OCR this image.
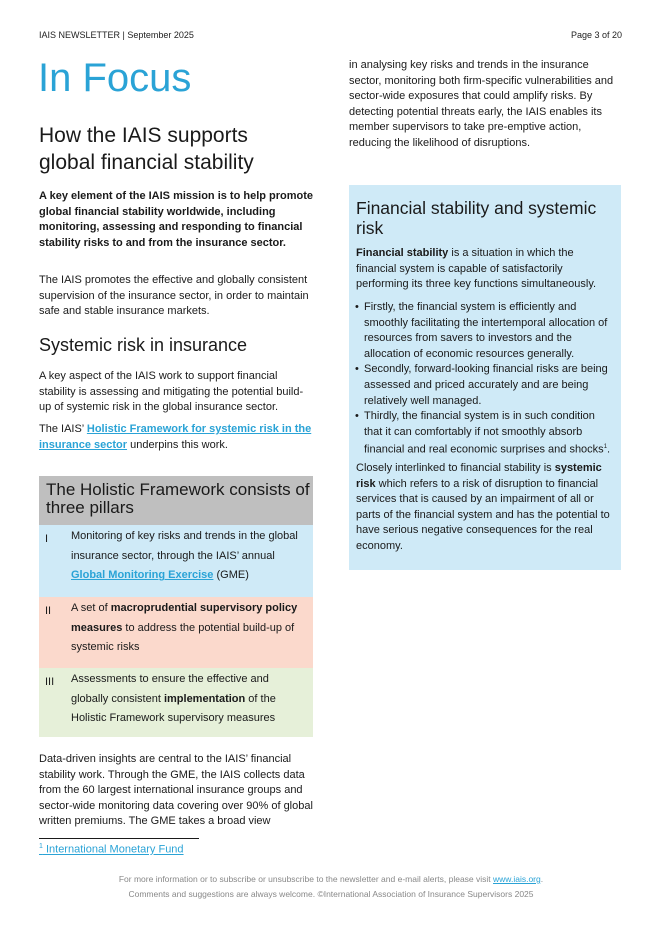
IAIS NEWSLETTER | September 2025	Page 3 of 20
In Focus
How the IAIS supports global financial stability

A key element of the IAIS mission is to help promote global financial stability worldwide, including monitoring, assessing and responding to financial stability risks to and from the insurance sector.

The IAIS promotes the effective and globally consistent supervision of the insurance sector, in order to maintain safe and stable insurance markets.

Systemic risk in insurance

A key aspect of the IAIS work to support financial stability is assessing and mitigating the potential build-up of systemic risk in the global insurance sector.

The IAIS’ Holistic Framework for systemic risk in the insurance sector underpins this work.

The Holistic Framework consists of three pillars
I Monitoring of key risks and trends in the global insurance sector, through the IAIS’ annual Global Monitoring Exercise (GME)
II A set of macroprudential supervisory policy measures to address the potential build-up of systemic risks
III Assessments to ensure the effective and globally consistent implementation of the Holistic Framework supervisory measures

Data-driven insights are central to the IAIS’ financial stability work. Through the GME, the IAIS collects data from the 60 largest international insurance groups and sector-wide monitoring data covering over 90% of global written premiums. The GME takes a broad view

$^1$ International Monetary Fund

in analysing key risks and trends in the insurance sector, monitoring both firm-specific vulnerabilities and sector-wide exposures that could amplify risks. By detecting potential threats early, the IAIS enables its member supervisors to take pre-emptive action, reducing the likelihood of disruptions.

Financial stability and systemic risk

Financial stability is a situation in which the financial system is capable of satisfactorily performing its three key functions simultaneously.

• Firstly, the financial system is efficiently and smoothly facilitating the intertemporal allocation of resources from savers to investors and the allocation of economic resources generally.
• Secondly, forward-looking financial risks are being assessed and priced accurately and are being relatively well managed.
• Thirdly, the financial system is in such condition that it can comfortably if not smoothly absorb financial and real economic surprises and shocks$^1$.

Closely interlinked to financial stability is systemic risk which refers to a risk of disruption to financial services that is caused by an impairment of all or parts of the financial system and has the potential to have serious negative consequences for the real economy.

For more information or to subscribe or unsubscribe to the newsletter and e-mail alerts, please visit www.iais.org.
Comments and suggestions are always welcome. ©International Association of Insurance Supervisors 2025
